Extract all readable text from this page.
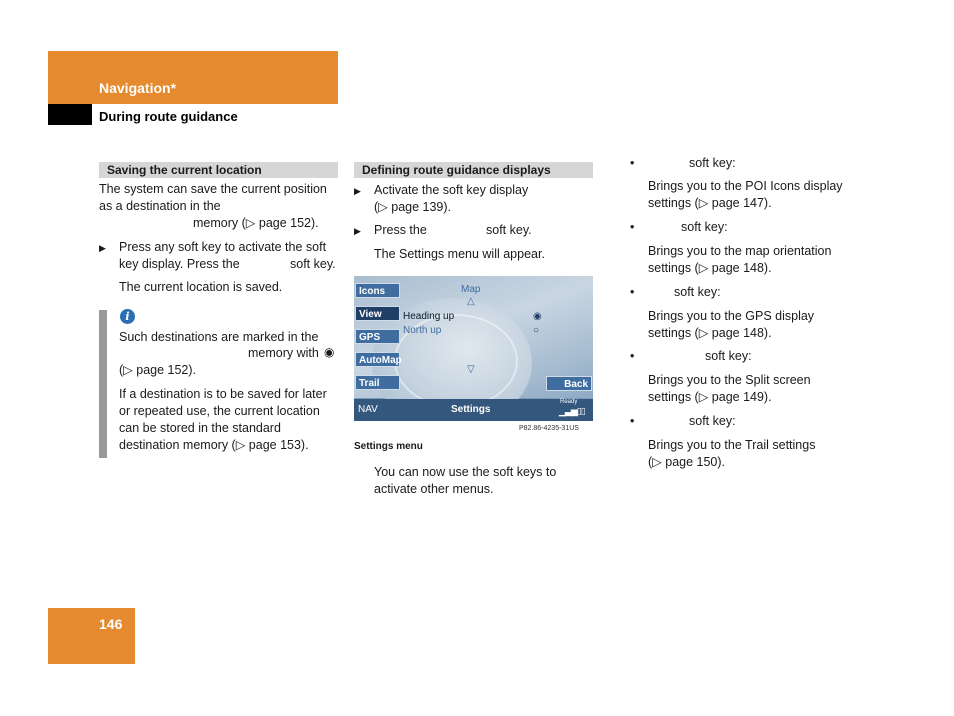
Navigation*
During route guidance
Saving the current location
The system can save the current position
as a destination in the
memory (▷ page 152).
▶ Press any soft key to activate the soft
key display. Press the	soft key.
The current location is saved.
i
Such destinations are marked in the
memory with ◉
(▷ page 152).
If a destination is to be saved for later
or repeated use, the current location
can be stored in the standard
destination memory (▷ page 153).
Defining route guidance displays
▶ Activate the soft key display
(▷ page 139).
▶ Press the	soft key.
The Settings menu will appear.
Icons
View
GPS
AutoMap
Trail
Map
△
Heading up
North up
◉
○
▽
Back
NAV	Settings
Ready
▁▃▅▯▯
P82.86-4235-31US
Settings menu
You can now use the soft keys to
activate other menus.
•	soft key:
Brings you to the POI Icons display
settings (▷ page 147).
•	soft key:
Brings you to the map orientation
settings (▷ page 148).
•	soft key:
Brings you to the GPS display
settings (▷ page 148).
•	soft key:
Brings you to the Split screen
settings (▷ page 149).
•	soft key:
Brings you to the Trail settings
(▷ page 150).
146
